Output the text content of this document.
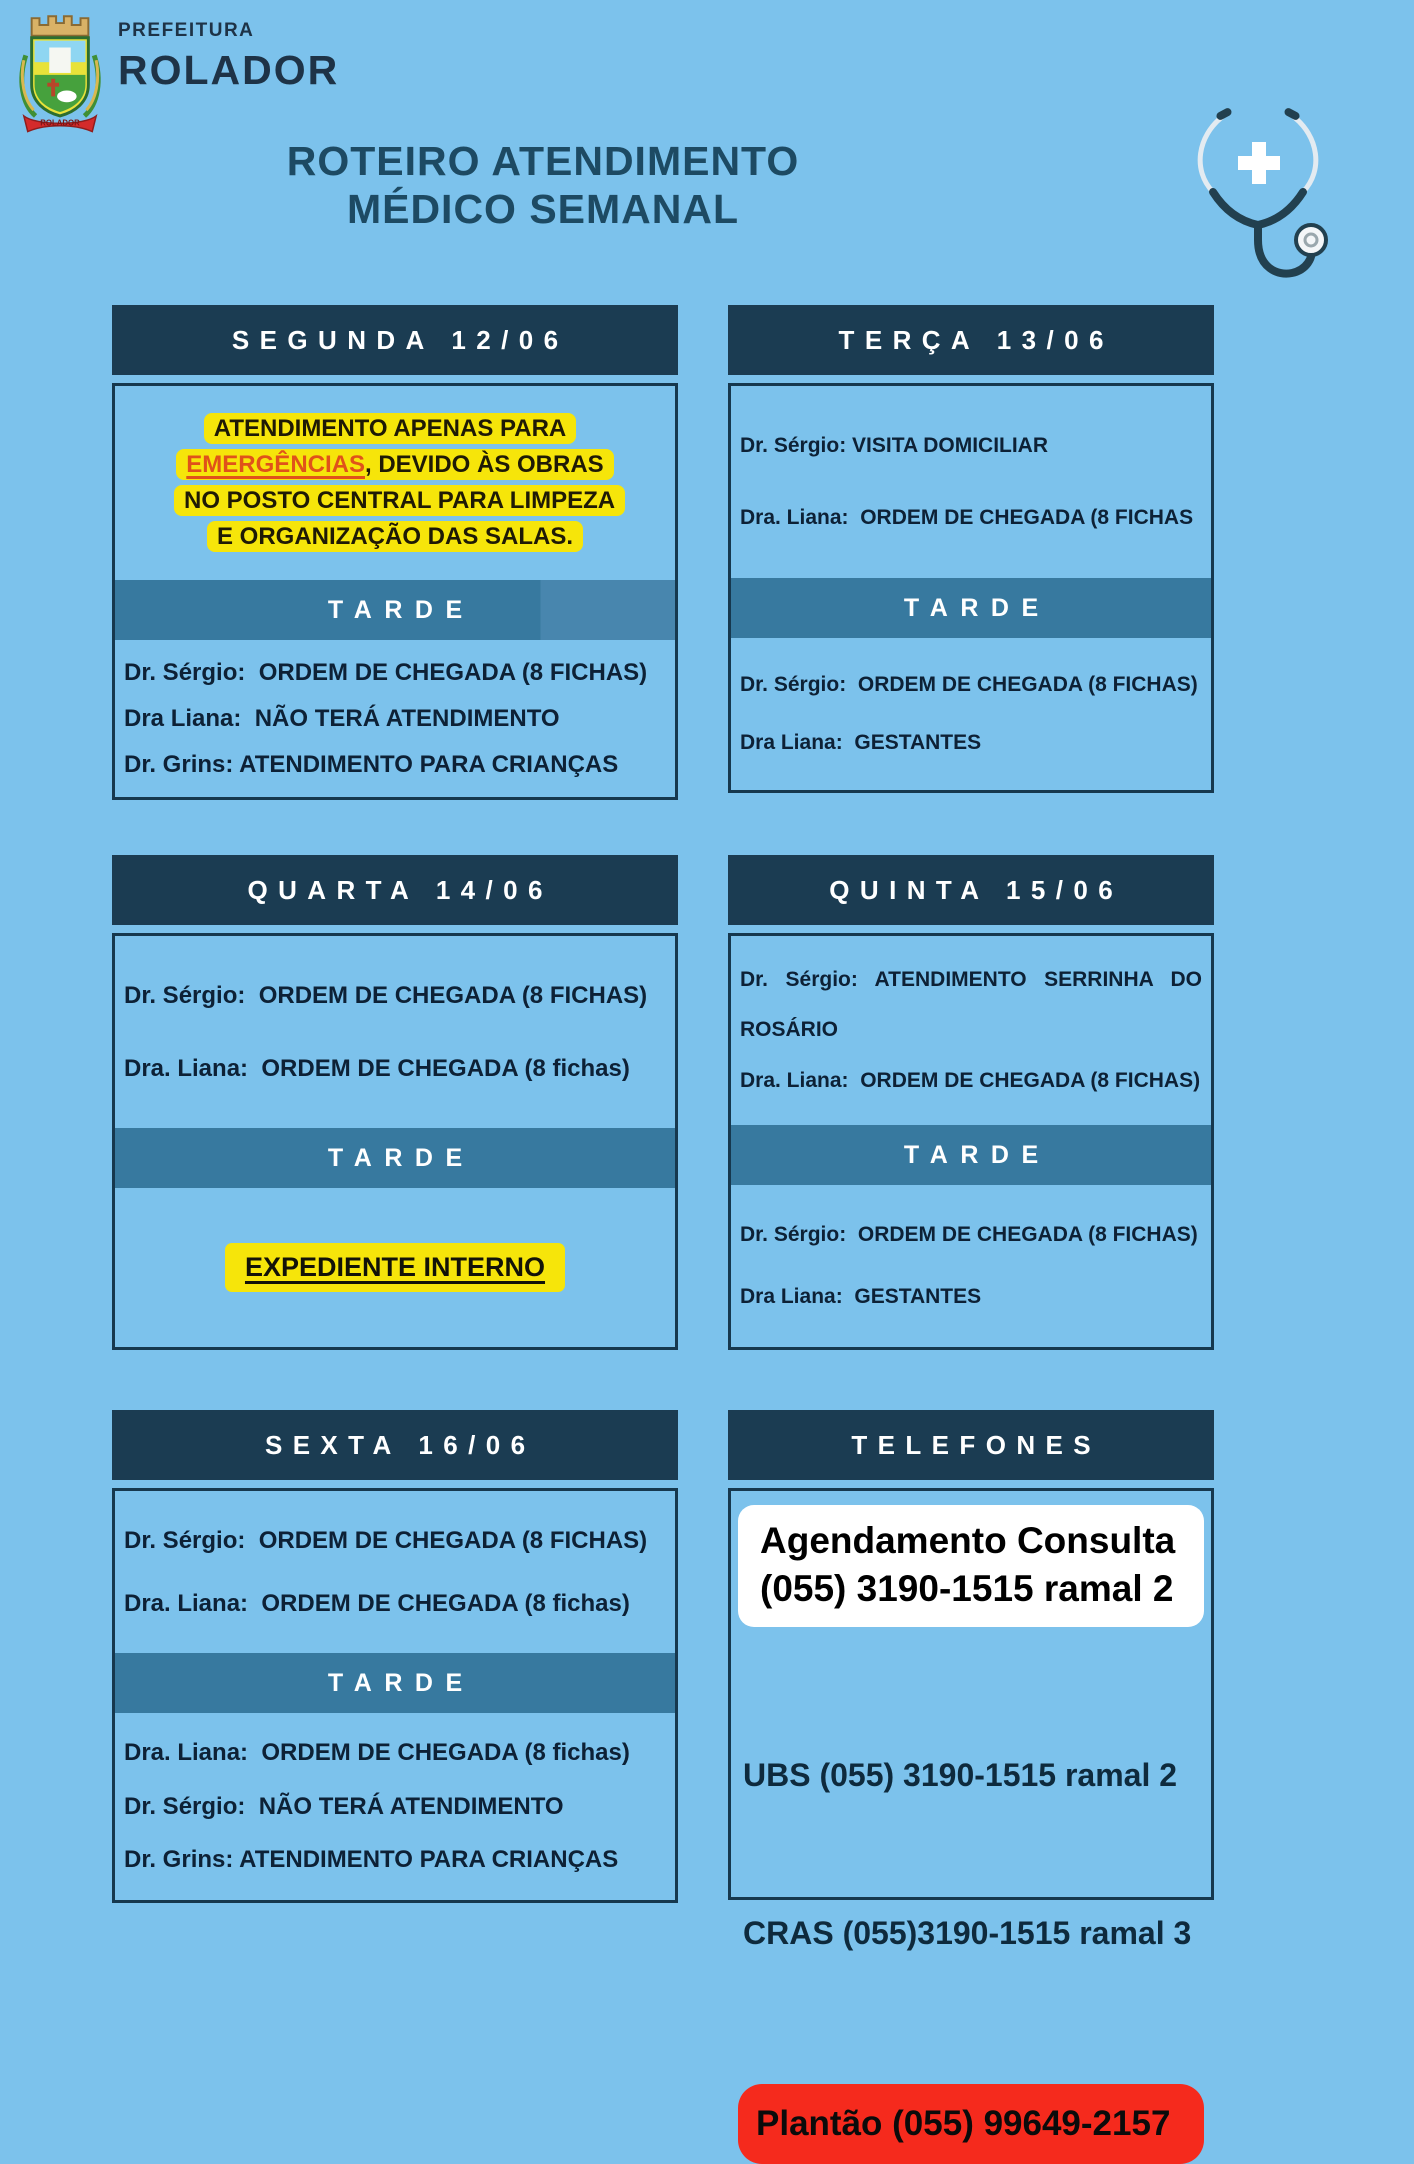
ROLADOR
PREFEITURA
ROLADOR
ROTEIRO ATENDIMENTO
MÉDICO SEMANAL
SEGUNDA 12/06
ATENDIMENTO APENAS PARA EMERGÊNCIAS, DEVIDO ÀS OBRAS NO POSTO CENTRAL PARA LIMPEZA E ORGANIZAÇÃO DAS SALAS.
TARDE
Dr. Sérgio:  ORDEM DE CHEGADA (8 FICHAS)
Dra Liana:  NÃO TERÁ ATENDIMENTO
Dr. Grins: ATENDIMENTO PARA CRIANÇAS
TERÇA 13/06
Dr. Sérgio: VISITA DOMICILIAR
Dra. Liana:  ORDEM DE CHEGADA (8 FICHAS
TARDE
Dr. Sérgio:  ORDEM DE CHEGADA (8 FICHAS)
Dra Liana:  GESTANTES
QUARTA 14/06
Dr. Sérgio:  ORDEM DE CHEGADA (8 FICHAS)
Dra. Liana:  ORDEM DE CHEGADA (8 fichas)
TARDE
EXPEDIENTE INTERNO
QUINTA 15/06
Dr. Sérgio: ATENDIMENTO SERRINHA DO
ROSÁRIO
Dra. Liana:  ORDEM DE CHEGADA (8 FICHAS)
TARDE
Dr. Sérgio:  ORDEM DE CHEGADA (8 FICHAS)
Dra Liana:  GESTANTES
SEXTA 16/06
Dr. Sérgio:  ORDEM DE CHEGADA (8 FICHAS)
Dra. Liana:  ORDEM DE CHEGADA (8 fichas)
TARDE
Dra. Liana:  ORDEM DE CHEGADA (8 fichas)
Dr. Sérgio:  NÃO TERÁ ATENDIMENTO
Dr. Grins: ATENDIMENTO PARA CRIANÇAS
TELEFONES
Agendamento Consulta
(055) 3190-1515 ramal 2

UBS (055) 3190-1515 ramal 2

CRAS (055)3190-1515 ramal 3

Plantão (055) 99649-2157
